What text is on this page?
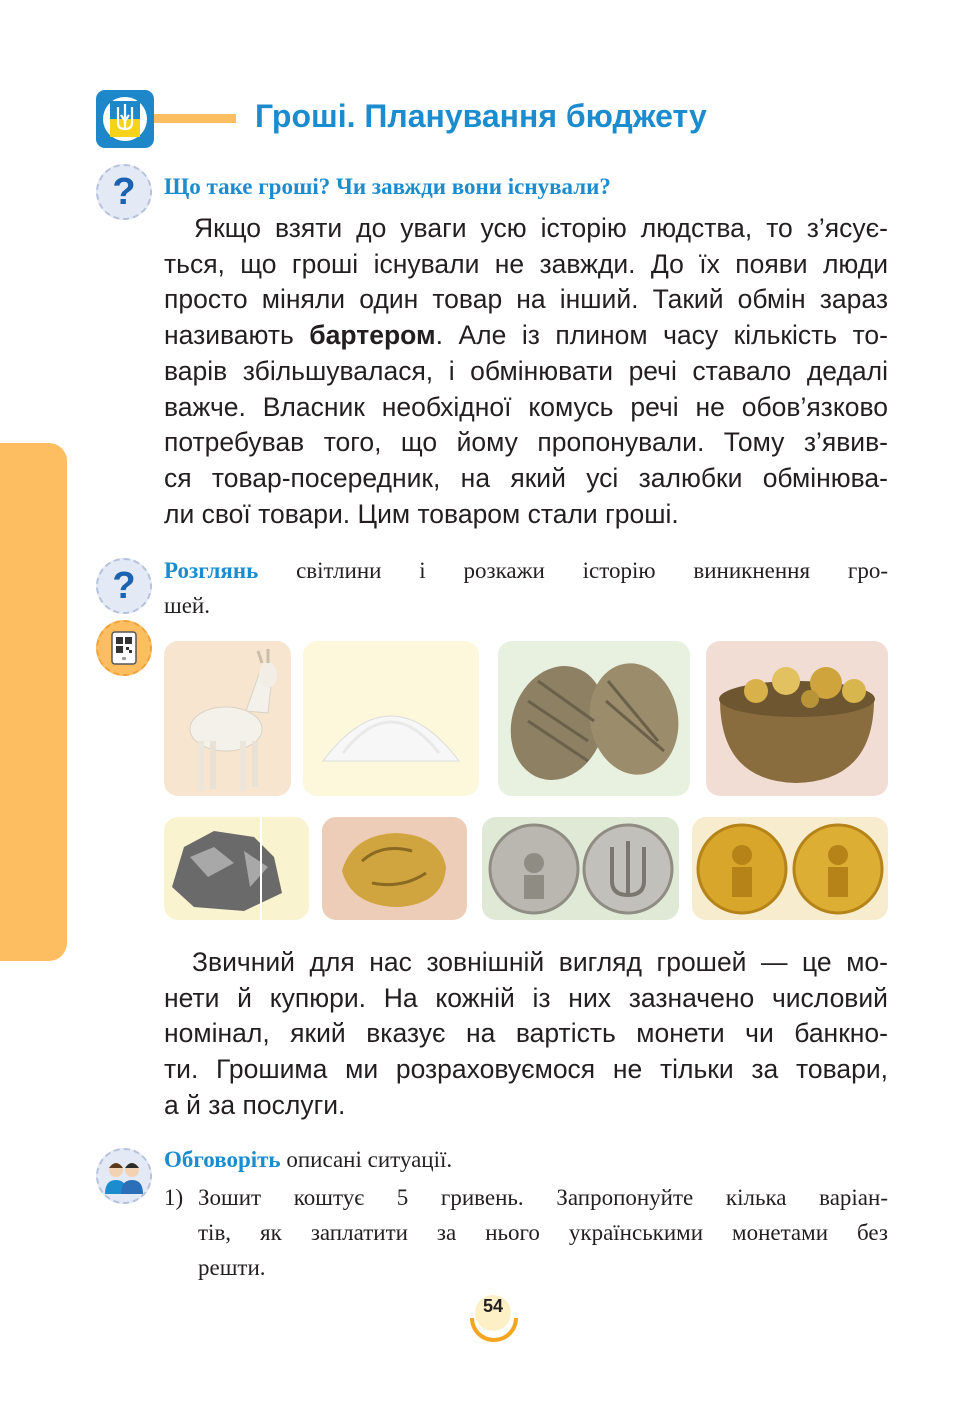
Гроші. Планування бюджету
? Що таке гроші? Чи завжди вони існували?
Якщо взяти до уваги усю історію людства, то з’ясує-
ться, що гроші існували не завжди. До їх появи люди
просто міняли один товар на інший. Такий обмін зараз
називають бартером. Але із плином часу кількість то-
варів збільшувалася, і обмінювати речі ставало дедалі
важче. Власник необхідної комусь речі не обов’язково
потребував того, що йому пропонували. Тому з’явив-
ся товар-посередник, на який усі залюбки обмінюва-
ли свої товари. Цим товаром стали гроші.
? Розглянь світлини і розкажи історію виникнення гро-
шей.
Звичний для нас зовнішній вигляд грошей — це мо-
нети й купюри. На кожній із них зазначено числовий
номінал, який вказує на вартість монети чи банкно-
ти. Грошима ми розраховуємося не тільки за товари,
а й за послуги.
Обговоріть описані ситуації.
1) Зошит коштує 5 гривень. Запропонуйте кілька варіан-
тів, як заплатити за нього українськими монетами без
решти.
54
